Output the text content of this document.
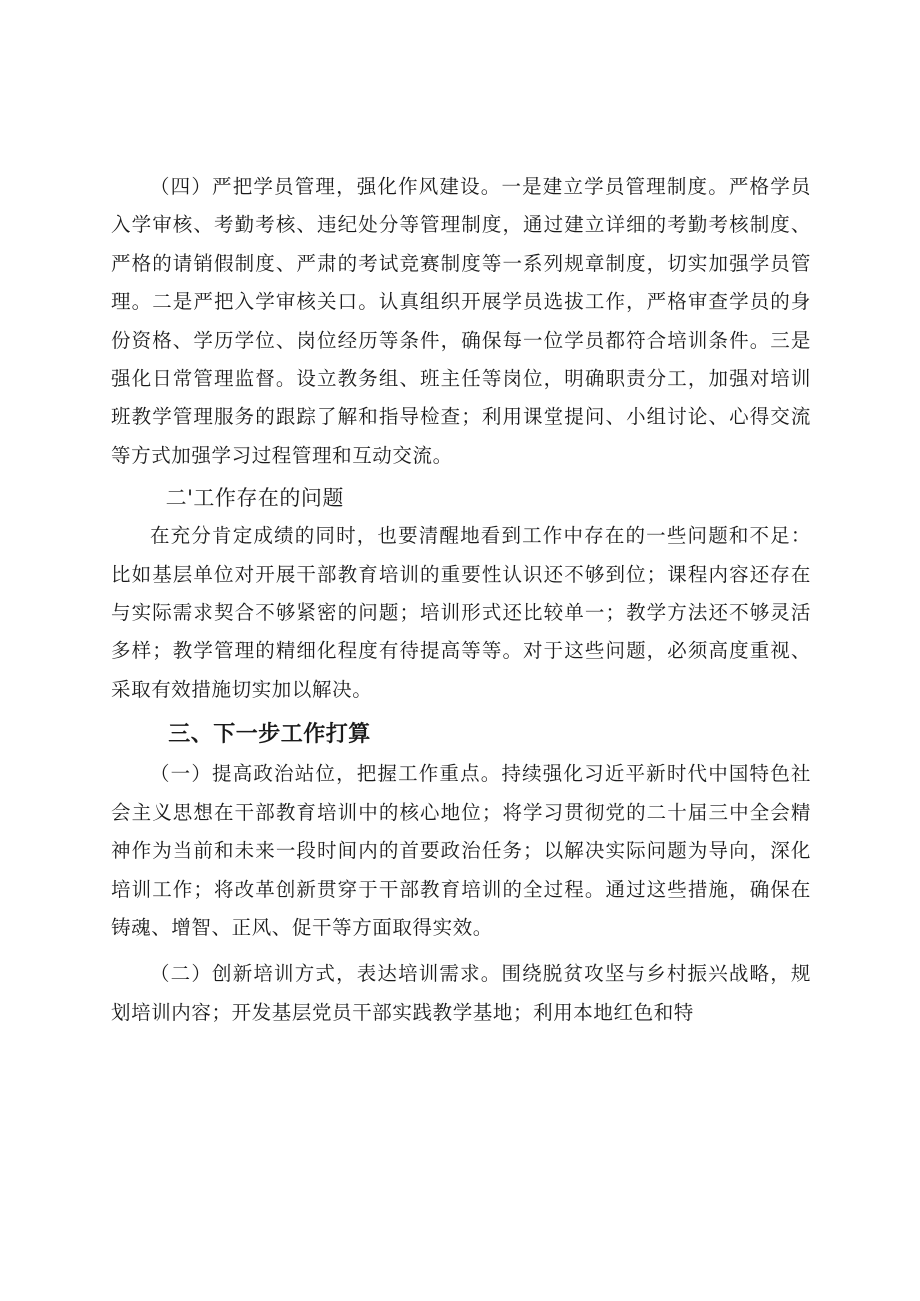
（四）严把学员管理，强化作风建设。一是建立学员管理制度。严格学员入学审核、考勤考核、违纪处分等管理制度，通过建立详细的考勤考核制度、严格的请销假制度、严肃的考试竞赛制度等一系列规章制度，切实加强学员管理。二是严把入学审核关口。认真组织开展学员选拔工作，严格审查学员的身份资格、学历学位、岗位经历等条件，确保每一位学员都符合培训条件。三是强化日常管理监督。设立教务组、班主任等岗位，明确职责分工，加强对培训班教学管理服务的跟踪了解和指导检查；利用课堂提问、小组讨论、心得交流等方式加强学习过程管理和互动交流。

二'工作存在的问题

在充分肯定成绩的同时，也要清醒地看到工作中存在的一些问题和不足：比如基层单位对开展干部教育培训的重要性认识还不够到位；课程内容还存在与实际需求契合不够紧密的问题；培训形式还比较单一；教学方法还不够灵活多样；教学管理的精细化程度有待提高等等。对于这些问题，必须高度重视、采取有效措施切实加以解决。

三、下一步工作打算

（一）提高政治站位，把握工作重点。持续强化习近平新时代中国特色社会主义思想在干部教育培训中的核心地位；将学习贯彻党的二十届三中全会精神作为当前和未来一段时间内的首要政治任务；以解决实际问题为导向，深化培训工作；将改革创新贯穿于干部教育培训的全过程。通过这些措施，确保在铸魂、增智、正风、促干等方面取得实效。

（二）创新培训方式，表达培训需求。围绕脱贫攻坚与乡村振兴战略，规划培训内容；开发基层党员干部实践教学基地；利用本地红色和特
